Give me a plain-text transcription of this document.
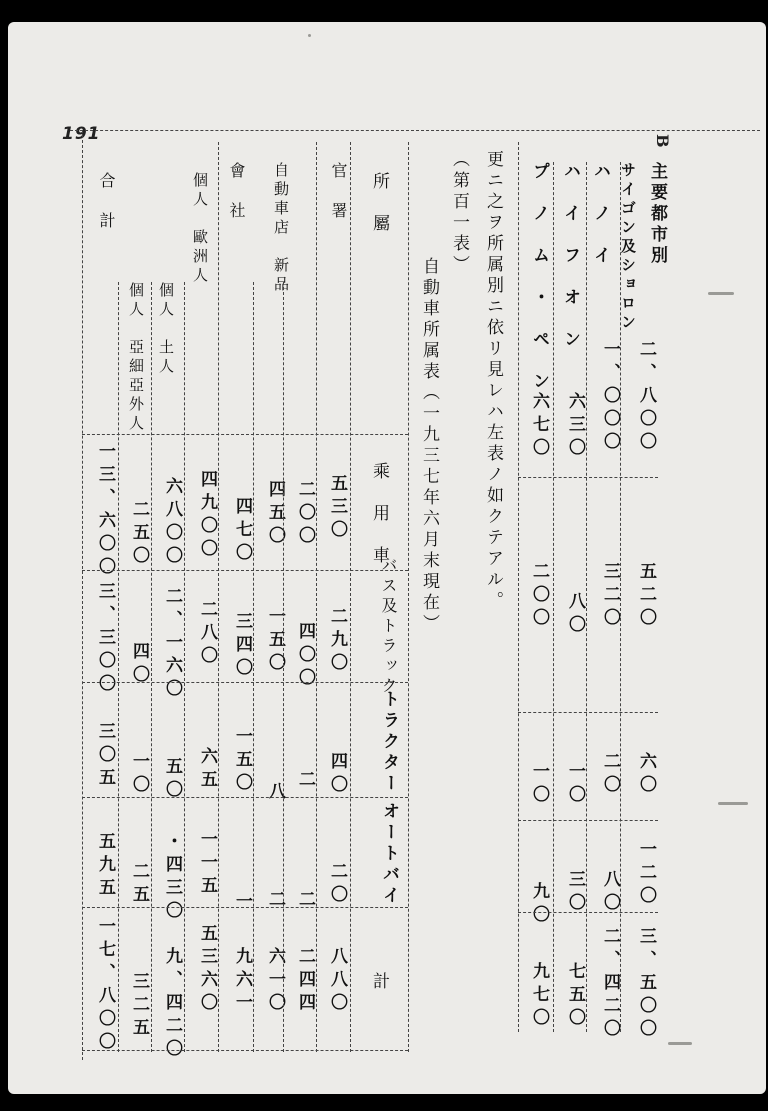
191	B
主要都市別
サイゴン及ショロン
ハ　ノ　イ
ハ　イ　フ　オ　ン
プ　ノ　ム　・　ペ　ン
二、八〇〇
五二〇
六〇
一二〇
三、五〇〇
一、〇〇〇
三二〇
二〇
八〇
二、四二〇
六三〇
八〇
一〇
三〇
七五〇
六七〇
二〇〇
一〇
九〇
九七〇
更ニ之ヲ所属別ニ依リ見レハ左表ノ如クテアル。
（第百一表）
自動車所属表（一九三七年六月末現在）
所　屬
乘　用　車
バス及トラック
トラクター
オートバイ
計
官　署
自動車店　新品
會　社
個人　歐洲人
個人　土人
個人　亞細亞外人
合　計
五三〇
二九〇
四〇
二〇
八八〇
二〇〇
四〇〇
二
二
二四四
四五〇
一五〇
八
二
六一〇
四七〇
三四〇
一五〇
一
九六一
四九〇〇
二八〇
六五
一一五
五三六〇
六八〇〇
二、一六〇
五〇
・四三〇
九、四二〇
二五〇
四〇
一〇
二五
三二五
一三、六〇〇
三、三〇〇
三〇五
五九五
一七、八〇〇
